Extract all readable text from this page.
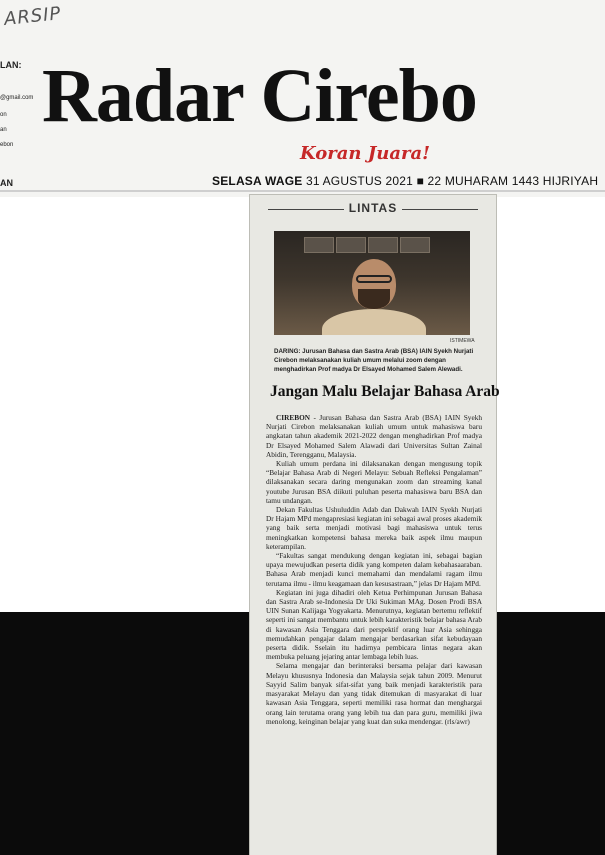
ARSIP
LAN:
@gmail.com
on
an
ebon
AN
Radar Cirebo
Koran Juara!
SELASA WAGE 31 AGUSTUS 2021 ■ 22 MUHARAM 1443 HIJRIYAH
LINTAS
ISTIMEWA
DARING: Jurusan Bahasa dan Sastra Arab (BSA) IAIN Syekh Nurjati Cirebon melaksanakan kuliah umum melalui zoom dengan menghadirkan Prof madya Dr Elsayed Mohamed Salem Alewadi.
Jangan Malu Belajar Bahasa Arab

CIREBON - Jurusan Bahasa dan Sastra Arab (BSA) IAIN Syekh Nurjati Cirebon melaksanakan kuliah umum untuk mahasiswa baru angkatan tahun akademik 2021-2022 dengan menghadirkan Prof madya Dr Elsayed Mohamed Salem Alawadi dari Universitas Sultan Zainal Abidin, Terengganu, Malaysia.

Kuliah umum perdana ini dilaksanakan dengan mengusung topik “Belajar Bahasa Arab di Negeri Melayu: Sebuah Refleksi Pengalaman” dilaksanakan secara daring mengunakan zoom dan streaming kanal youtube Jurusan BSA diikuti puluhan peserta mahasiswa baru BSA dan tamu undangan.

Dekan Fakultas Ushuluddin Adab dan Dakwah IAIN Syekh Nurjati Dr Hajam MPd mengapresiasi kegiatan ini sebagai awal proses akademik yang baik serta menjadi motivasi bagi mahasiswa untuk terus meningkatkan kompetensi bahasa mereka baik aspek ilmu maupun keterampilan.

“Fakultas sangat mendukung dengan kegiatan ini, sebagai bagian upaya mewujudkan peserta didik yang kompeten dalam kebahasaaraban. Bahasa Arab menjadi kunci memahami dan mendalami ragam ilmu terutama ilmu - ilmu keagamaan dan kesusastraan,” jelas Dr Hajam MPd.

Kegiatan ini juga dihadiri oleh Ketua Perhimpunan Jurusan Bahasa dan Sastra Arab se-Indonesia Dr Uki Sukiman MAg. Dosen Prodi BSA UIN Sunan Kalijaga Yogyakarta. Menurutnya, kegiatan bertemu reflektif seperti ini sangat membantu untuk lebih karakteristik belajar bahasa Arab di kawasan Asia Tenggara dari perspektif orang luar Asia sehingga memudahkan pengajar dalam mengajar berdasarkan sifat kebudayaan peserta didik. Sselain itu hadirnya pembicara lintas negara akan membuka peluang jejaring antar lembaga lebih luas.

Selama mengajar dan berinteraksi bersama pelajar dari kawasan Melayu khususnya Indonesia dan Malaysia sejak tahun 2009. Menurut Sayyid Salim banyak sifat-sifat yang baik menjadi karakteristik para masyarakat Melayu dan yang tidak ditemukan di masyarakat di luar kawasan Asia Tenggara, seperti memiliki rasa hormat dan menghargai orang lain terutama orang yang lebih tua dan para guru, memiliki jiwa menolong, keinginan belajar yang kuat dan suka mendengar. (rls/awr)
